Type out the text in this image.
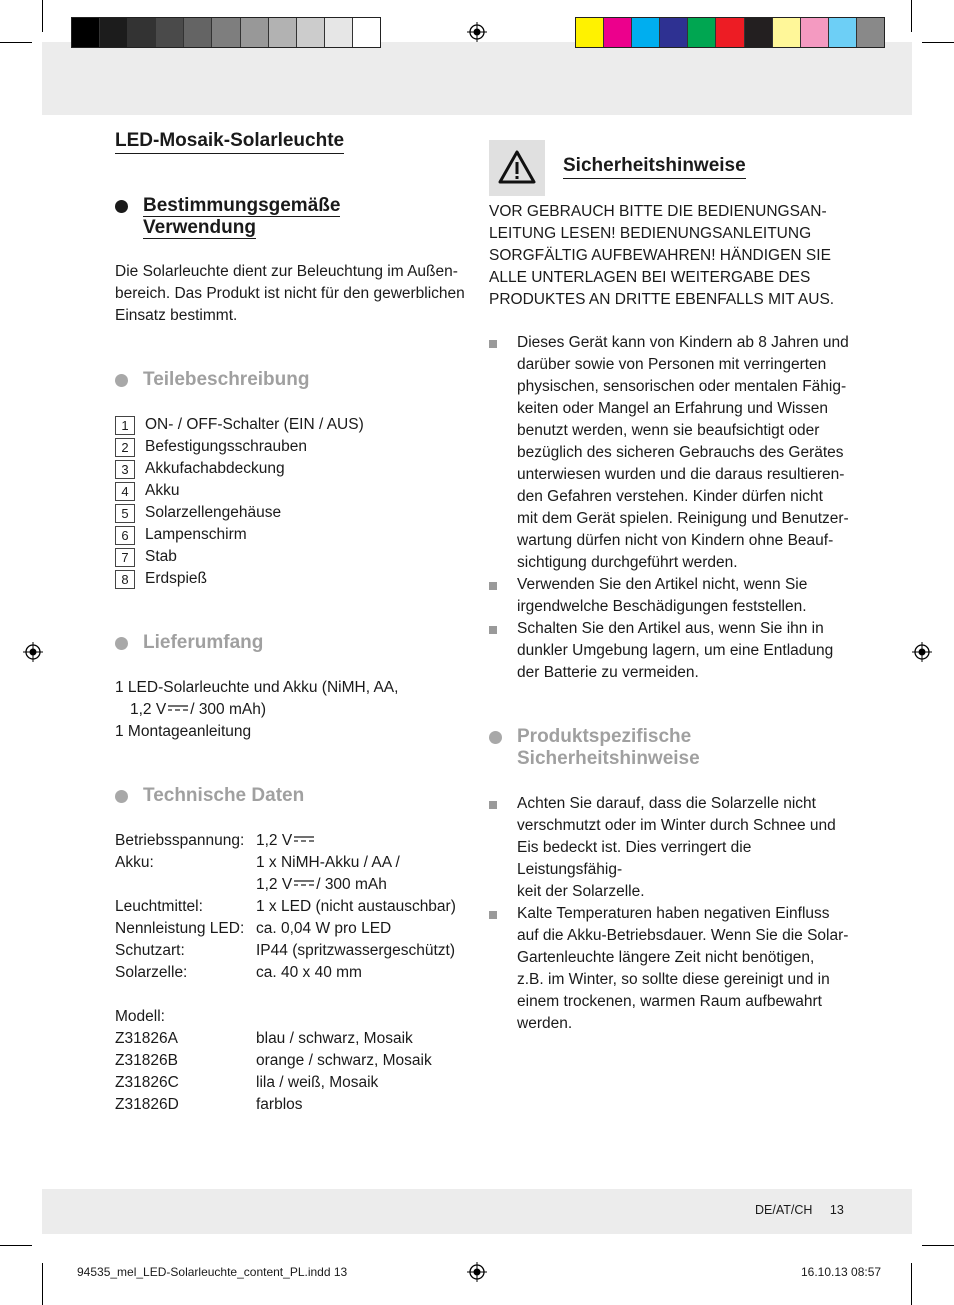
LED-Mosaik-Solarleuchte
Bestimmungsgemäße
Verwendung
Die Solarleuchte dient zur Beleuchtung im Außen-
bereich. Das Produkt ist nicht für den gewerblichen
Einsatz bestimmt.
Teilebeschreibung
1	ON- / OFF-Schalter (EIN / AUS)
2	Befestigungsschrauben
3	Akkufachabdeckung
4	Akku
5	Solarzellengehäuse
6	Lampenschirm
7	Stab
8	Erdspieß
Lieferumfang
1 LED-Solarleuchte und Akku (NiMH, AA,
1,2 V / 300 mAh)
1 Montageanleitung
Technische Daten
Betriebsspannung: 1,2 V
Akku:	1 x NiMH-Akku / AA /
1,2 V / 300 mAh
Leuchtmittel:	1 x LED (nicht austauschbar)
Nennleistung LED: ca. 0,04 W pro LED
Schutzart:	IP44 (spritzwassergeschützt)
Solarzelle:	ca. 40 x 40 mm
Modell:
Z31826A	blau / schwarz, Mosaik
Z31826B	orange / schwarz, Mosaik
Z31826C	lila / weiß, Mosaik
Z31826D	farblos
Sicherheitshinweise
VOR GEBRAUCH BITTE DIE BEDIENUNGSAN-
LEITUNG LESEN! BEDIENUNGSANLEITUNG
SORGFÄLTIG AUFBEWAHREN! HÄNDIGEN SIE
ALLE UNTERLAGEN BEI WEITERGABE DES
PRODUKTES AN DRITTE EBENFALLS MIT AUS.
Dieses Gerät kann von Kindern ab 8 Jahren und
darüber sowie von Personen mit verringerten
physischen, sensorischen oder mentalen Fähig-
keiten oder Mangel an Erfahrung und Wissen
benutzt werden, wenn sie beaufsichtigt oder
bezüglich des sicheren Gebrauchs des Gerätes
unterwiesen wurden und die daraus resultieren-
den Gefahren verstehen. Kinder dürfen nicht
mit dem Gerät spielen. Reinigung und Benutzer-
wartung dürfen nicht von Kindern ohne Beauf-
sichtigung durchgeführt werden.
Verwenden Sie den Artikel nicht, wenn Sie
irgendwelche Beschädigungen feststellen.
Schalten Sie den Artikel aus, wenn Sie ihn in
dunkler Umgebung lagern, um eine Entladung
der Batterie zu vermeiden.
Produktspezifische
Sicherheitshinweise
Achten Sie darauf, dass die Solarzelle nicht
verschmutzt oder im Winter durch Schnee und
Eis bedeckt ist. Dies verringert die Leistungsfähig-
keit der Solarzelle.
Kalte Temperaturen haben negativen Einfluss
auf die Akku-Betriebsdauer. Wenn Sie die Solar-
Gartenleuchte längere Zeit nicht benötigen,
z.B. im Winter, so sollte diese gereinigt und in
einem trockenen, warmen Raum aufbewahrt
werden.
DE/AT/CH 13
94535_mel_LED-Solarleuchte_content_PL.indd 13	16.10.13 08:57
